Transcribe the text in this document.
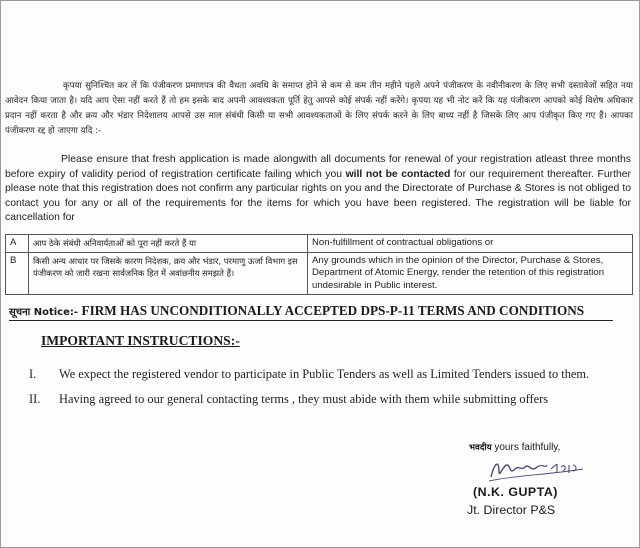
कृपया सुनिश्चित कर लें कि पंजीकरण प्रमाणपत्र की वैधता अवधि के समाप्त होने से कम से कम तीन महीने पहले अपने पंजीकरण के नवीनीकरण के लिए सभी दस्तावेजों सहित नया आवेदन किया जाता है। यदि आप ऐसा नहीं करते हैं तो हम इसके बाद अपनी आवश्यकता पूर्ति हेतु आपसे कोई संपर्क नहीं करेंगे। कृपया यह भी नोट करें कि यह पंजीकरण आपको कोई विशेष अधिकार प्रदान नहीं करता है और क्रय और भंडार निदेशालय आपसे उस माल संबंधी किसी या सभी आवश्यकताओं के लिए संपर्क करने के लिए बाध्य नहीं है जिसके लिए आप पंजीकृत किए गए हैं। आपका पंजीकरण रद्द हो जाएगा यदि :-

Please ensure that fresh application is made alongwith all documents for renewal of your registration atleast three months before expiry of validity period of registration certificate failing which you will not be contacted for our requirement thereafter. Further please note that this registration does not confirm any particular rights on you and the Directorate of Purchase & Stores is not obliged to contact you for any or all of the requirements for the items for which you have been registered. The registration will be liable for cancellation for

A	आप ठेके संबंधी अनिवार्यताओं को पूरा नहीं करते हैं या	Non-fulfillment of contractual obligations or
B	किसी अन्य आधार पर जिसके कारण निदेशक, क्रय और भंडार, परमाणु ऊर्जा विभाग इस पंजीकरण को जारी रखना सार्वजनिक हित में अवांछनीय समझते हैं।	Any grounds which in the opinion of the Director, Purchase & Stores, Department of Atomic Energy, render the retention of this registration undesirable in Public interest.
सूचना Notice:- FIRM HAS UNCONDITIONALLY ACCEPTED DPS-P-11 TERMS AND CONDITIONS
IMPORTANT INSTRUCTIONS:-
I.	We expect the registered vendor to participate in Public Tenders as well as Limited Tenders issued to them.
II.	Having agreed to our general contacting terms , they must abide with them while submitting offers
भवदीय yours faithfully,
(N.K. GUPTA)
Jt. Director P&S
